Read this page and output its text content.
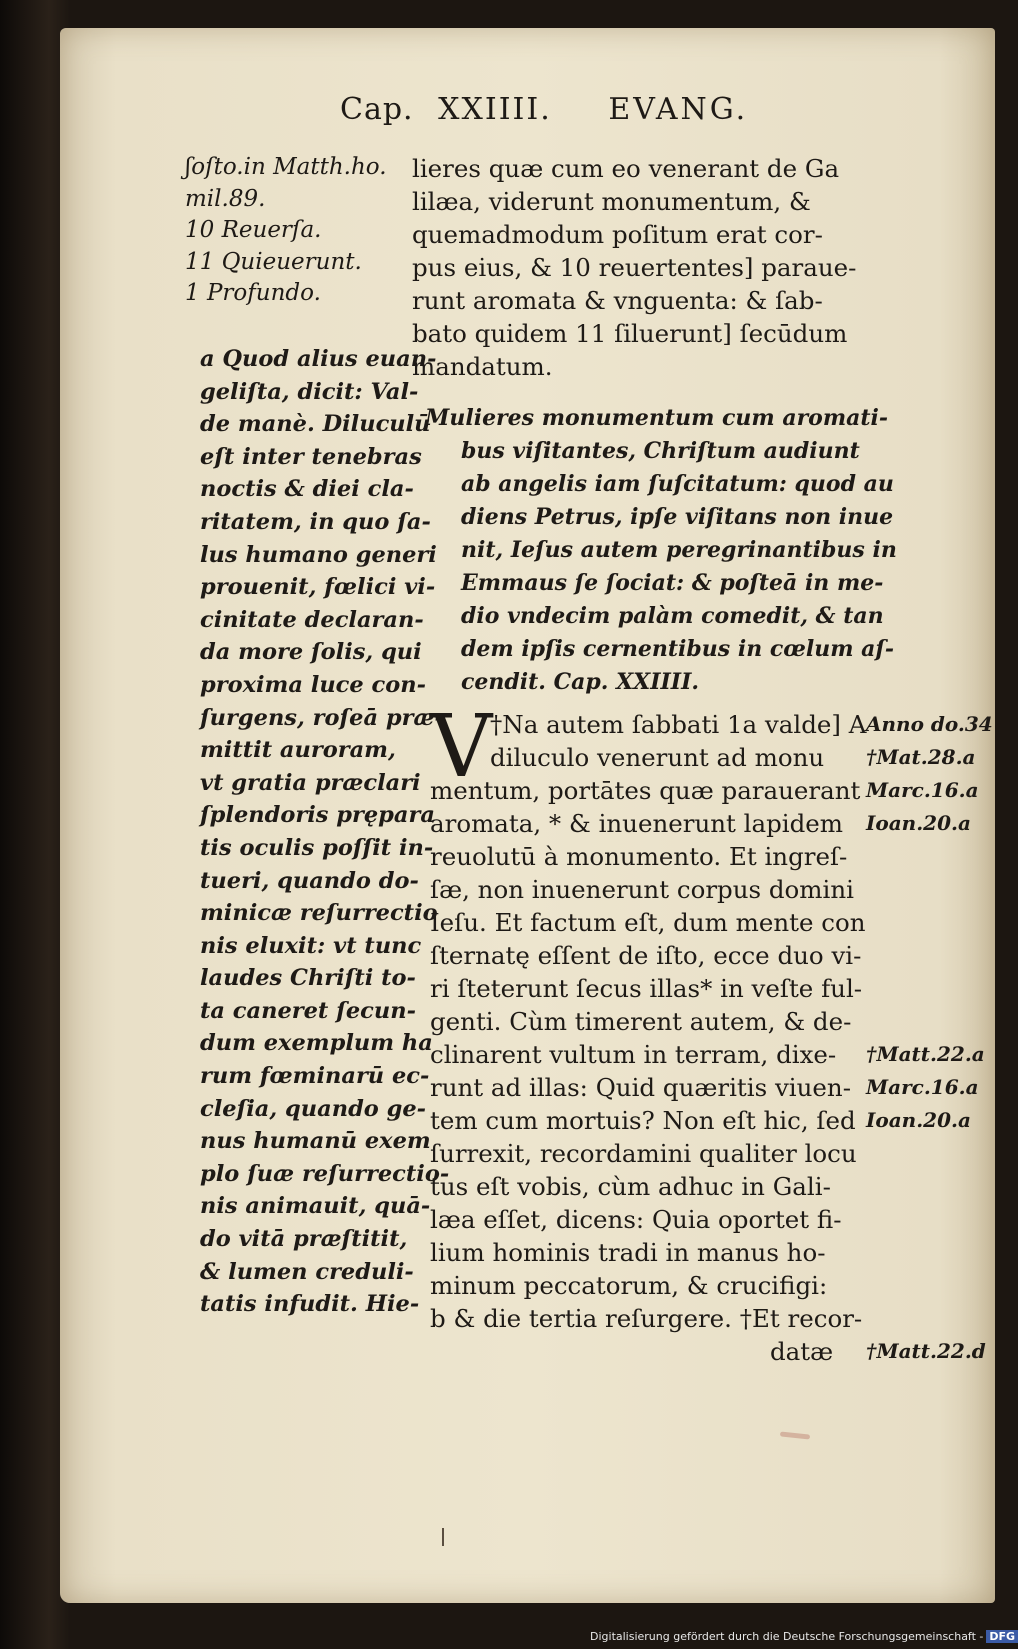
Cap. XXIIII. EVANG.
ʃoſto.in Matth.ho.
mil.89.
10 Reuerſa.
11 Quieuerunt.
1 Profundo.
a Quod alius euan-
geliſta, dicit: Val-
de manè. Diluculū
eſt inter tenebras
noctis & diei cla-
ritatem, in quo ſa-
lus humano generi
prouenit, fœlici vi-
cinitate declaran-
da more ſolis, qui
proxima luce con-
ſurgens, roſeā præ-
mittit auroram,
vt gratia præclari
ſplendoris prępara
tis oculis poſſit in-
tueri, quando do-
minicæ reſurrectio
nis eluxit: vt tunc
laudes Chriſti to-
ta caneret ſecun-
dum exemplum ha
rum fœminarū ec-
cleſia, quando ge-
nus humanū exem
plo ſuæ reſurrectio-
nis animauit, quā-
do vitā præſtitit,
& lumen creduli-
tatis infudit. Hie-
lieres quæ cum eo venerant de Ga
lilæa, viderunt monumentum, &
quemadmodum poſitum erat cor-
pus eius, & 10 reuertentes] paraue-
runt aromata & vnguenta: & ſab-
bato quidem 11 ſiluerunt] ſecūdum
mandatum.
Mulieres monumentum cum aromati-
bus viſitantes, Chriſtum audiunt
ab angelis iam ſuſcitatum: quod au
diens Petrus, ipſe viſitans non inue
nit, Ieſus autem peregrinantibus in
Emmaus ſe ſociat: & poſteā in me-
dio vndecim palàm comedit, & tan
dem ipſis cernentibus in cœlum aſ-
cendit. Cap. XXIIII.
V
†Na autem ſabbati 1a valde] A
diluculo venerunt ad monu
mentum, portātes quæ parauerant
aromata, * & inuenerunt lapidem
reuolutū à monumento. Et ingreſ-
ſæ, non inuenerunt corpus domini
Ieſu. Et factum eſt, dum mente con
ſternatę eſſent de iſto, ecce duo vi-
ri ſteterunt ſecus illas* in veſte ful-
genti. Cùm timerent autem, & de-
clinarent vultum in terram, dixe-
runt ad illas: Quid quæritis viuen-
tem cum mortuis? Non eſt hic, ſed
ſurrexit, recordamini qualiter locu
tus eſt vobis, cùm adhuc in Gali-
læa eſſet, dicens: Quia oportet fi-
lium hominis tradi in manus ho-
minum peccatorum, & crucifigi:
b & die tertia reſurgere. †Et recor-
datæ
Anno do.34
†Mat.28.a
Marc.16.a
Ioan.20.a
†Matt.22.a
Marc.16.a
Ioan.20.a
†Matt.22.d
Digitalisierung gefördert durch die Deutsche Forschungsgemeinschaft - DFG
